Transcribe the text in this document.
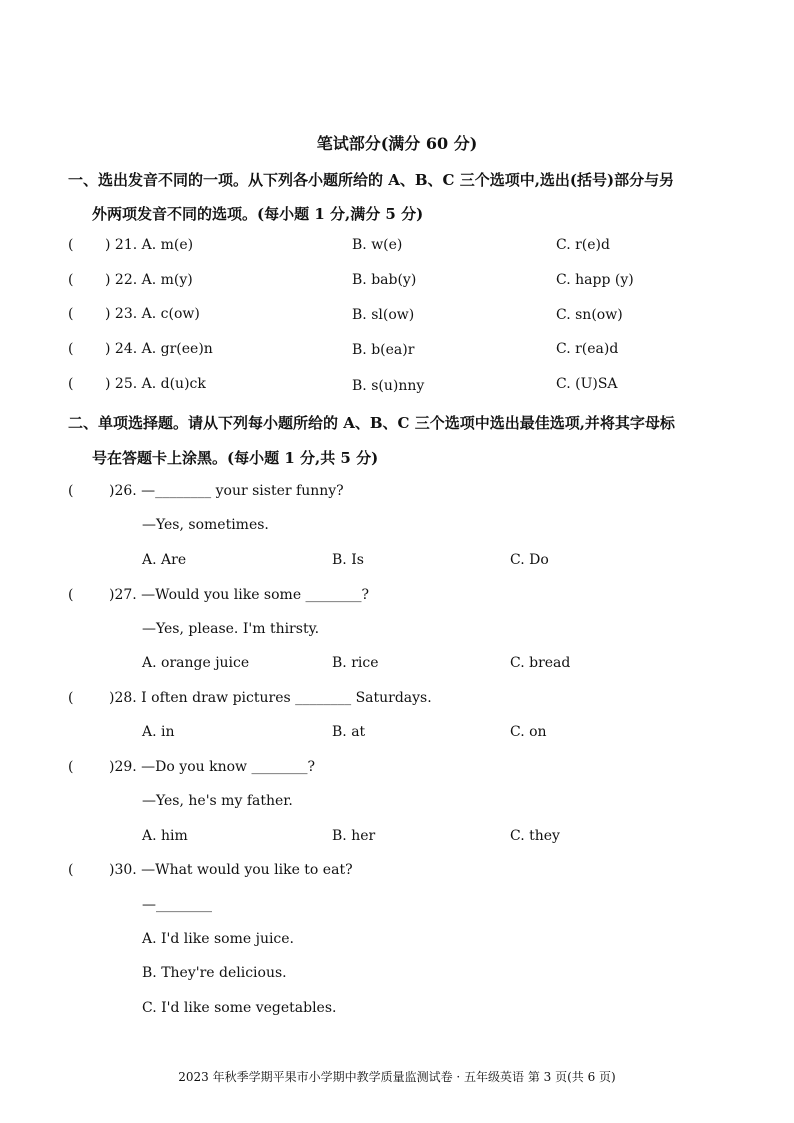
笔试部分(满分 60 分)
一、选出发音不同的一项。从下列各小题所给的 A、B、C 三个选项中,选出(括号)部分与另
外两项发音不同的选项。(每小题 1 分,满分 5 分)
( ) 21. A. m(e)	B. w(e)	C. r(e)d
( ) 22. A. m(y)	B. bab(y)	C. happ (y)
( ) 23. A. c(ow)	B. sl(ow)	C. sn(ow)
( ) 24. A. gr(ee)n	B. b(ea)r	C. r(ea)d
( ) 25. A. d(u)ck	B. s(u)nny	C. (U)SA
二、单项选择题。请从下列每小题所给的 A、B、C 三个选项中选出最佳选项,并将其字母标
号在答题卡上涂黑。(每小题 1 分,共 5 分)
(	)26. —________ your sister funny?
—Yes, sometimes.
A. Are	B. Is	C. Do
(	)27. —Would you like some ________?
—Yes, please. I'm thirsty.
A. orange juice	B. rice	C. bread
(	)28. I often draw pictures ________ Saturdays.
A. in	B. at	C. on
(	)29. —Do you know ________?
—Yes, he's my father.
A. him	B. her	C. they
(	)30. —What would you like to eat?
—________
A. I'd like some juice.
B. They're delicious.
C. I'd like some vegetables.
2023 年秋季学期平果市小学期中教学质量监测试卷 · 五年级英语 第 3 页(共 6 页)
